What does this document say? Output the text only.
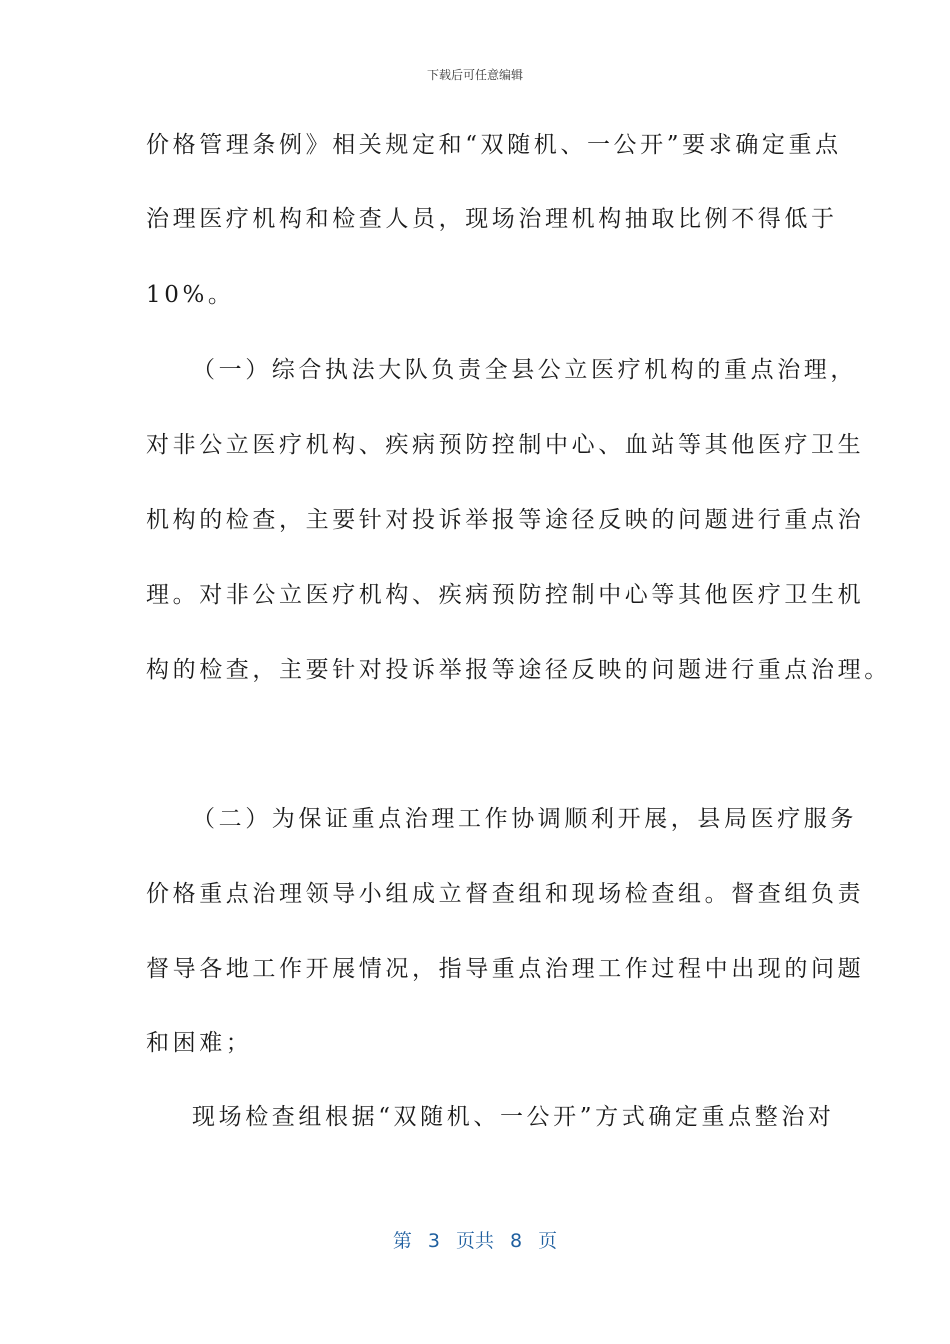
下载后可任意编辑
价格管理条例》相关规定和“双随机、一公开”要求确定重点
治理医疗机构和检查人员，现场治理机构抽取比例不得低于
10%。
（一）综合执法大队负责全县公立医疗机构的重点治理，
对非公立医疗机构、疾病预防控制中心、血站等其他医疗卫生
机构的检查，主要针对投诉举报等途径反映的问题进行重点治
理。对非公立医疗机构、疾病预防控制中心等其他医疗卫生机
构的检查，主要针对投诉举报等途径反映的问题进行重点治理。
（二）为保证重点治理工作协调顺利开展，县局医疗服务
价格重点治理领导小组成立督查组和现场检查组。督查组负责
督导各地工作开展情况，指导重点治理工作过程中出现的问题
和困难；
现场检查组根据“双随机、一公开”方式确定重点整治对
第 3 页共 8 页
